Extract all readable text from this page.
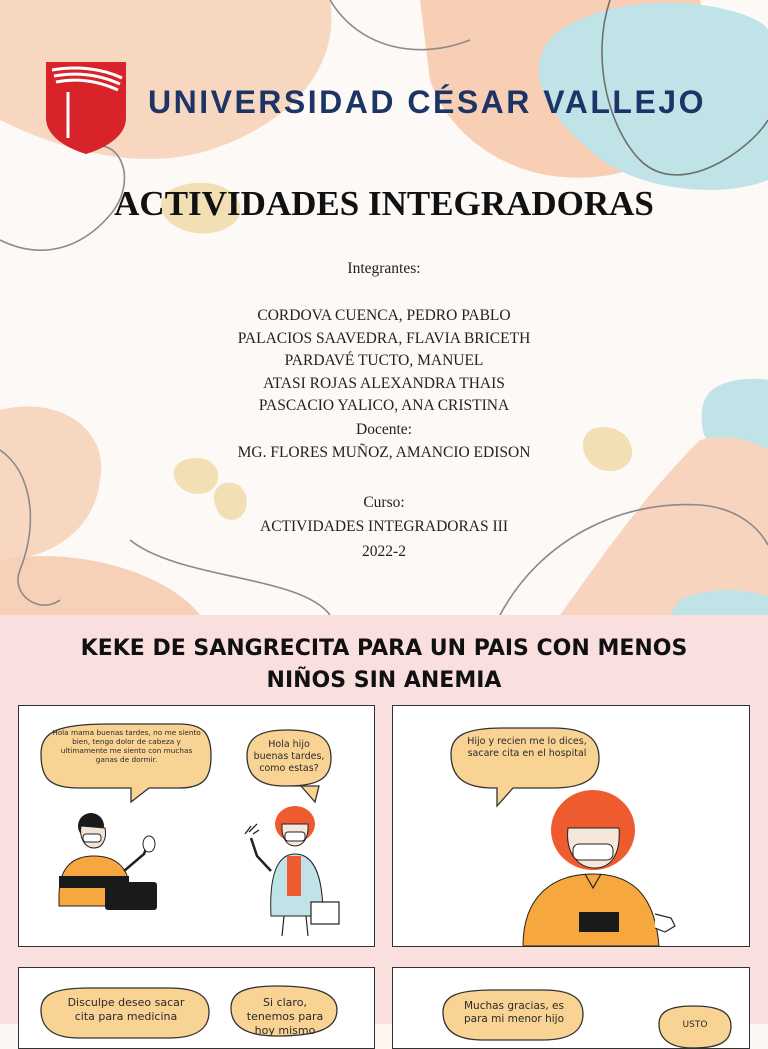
UNIVERSIDAD CÉSAR VALLEJO
ACTIVIDADES INTEGRADORAS
Integrantes:
CORDOVA CUENCA, PEDRO PABLO
PALACIOS SAAVEDRA, FLAVIA BRICETH
PARDAVÉ TUCTO, MANUEL
ATASI ROJAS ALEXANDRA THAIS
PASCACIO YALICO, ANA CRISTINA
Docente:
MG. FLORES MUÑOZ, AMANCIO EDISON
Curso:
ACTIVIDADES INTEGRADORAS III
2022-2
KEKE DE SANGRECITA PARA UN PAIS CON MENOS
NIÑOS SIN ANEMIA
Hola mama buenas tardes, no me siento bien, tengo dolor de cabeza y ultimamente me siento con muchas ganas de dormir.
Hola hijo buenas tardes, como estas?
Hijo y recien me lo dices, sacare cita en el hospital
Disculpe deseo sacar cita para medicina
Si claro, tenemos para hoy mismo
Muchas gracias, es para mi menor hijo	USTO
